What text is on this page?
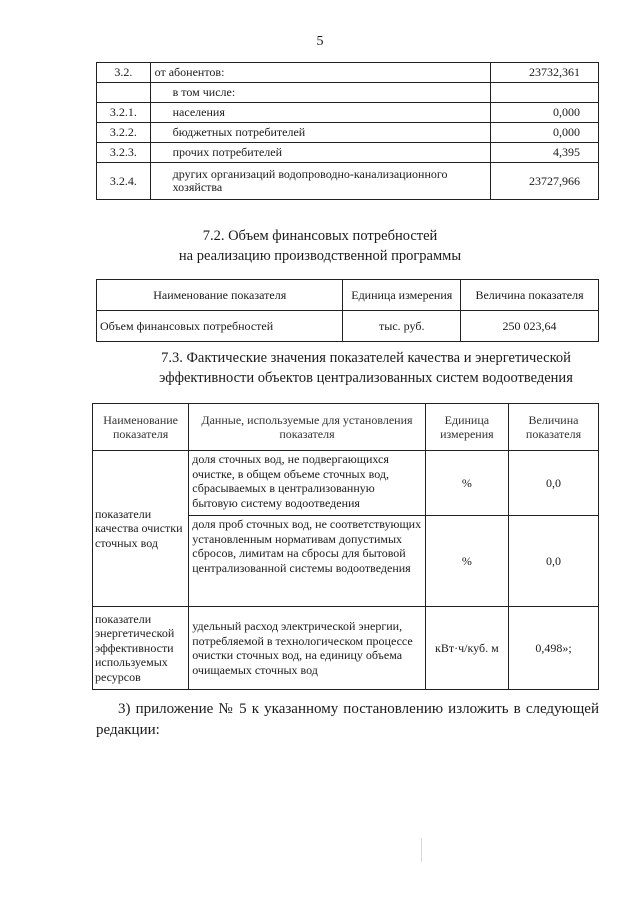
5
3.2.	от абонентов:	23732,361
	в том числе:	
3.2.1.	населения	0,000
3.2.2.	бюджетных потребителей	0,000
3.2.3.	прочих потребителей	4,395
3.2.4.	других организаций водопроводно-канализационного хозяйства	23727,966
7.2. Объем финансовых потребностей
на реализацию производственной программы
Наименование показателя	Единица измерения	Величина показателя
Объем финансовых потребностей	тыс. руб.	250 023,64
7.3. Фактические значения показателей качества и энергетической
эффективности объектов централизованных систем водоотведения
Наименование показателя	Данные, используемые для установления показателя	Единица измерения	Величина показателя
показатели качества очистки сточных вод	доля сточных вод, не подвергающихся очистке, в общем объеме сточных вод, сбрасываемых в централизованную бытовую систему водоотведения	%	0,0
	доля проб сточных вод, не соответствующих установленным нормативам допустимых сбросов, лимитам на сбросы для бытовой централизованной системы водоотведения	%	0,0
показатели энергетической эффективности используемых ресурсов	удельный расход электрической энергии, потребляемой в технологическом процессе очистки сточных вод, на единицу объема очищаемых сточных вод	кВт·ч/куб. м	0,498»;
3) приложение № 5 к указанному постановлению изложить в следующей редакции:
